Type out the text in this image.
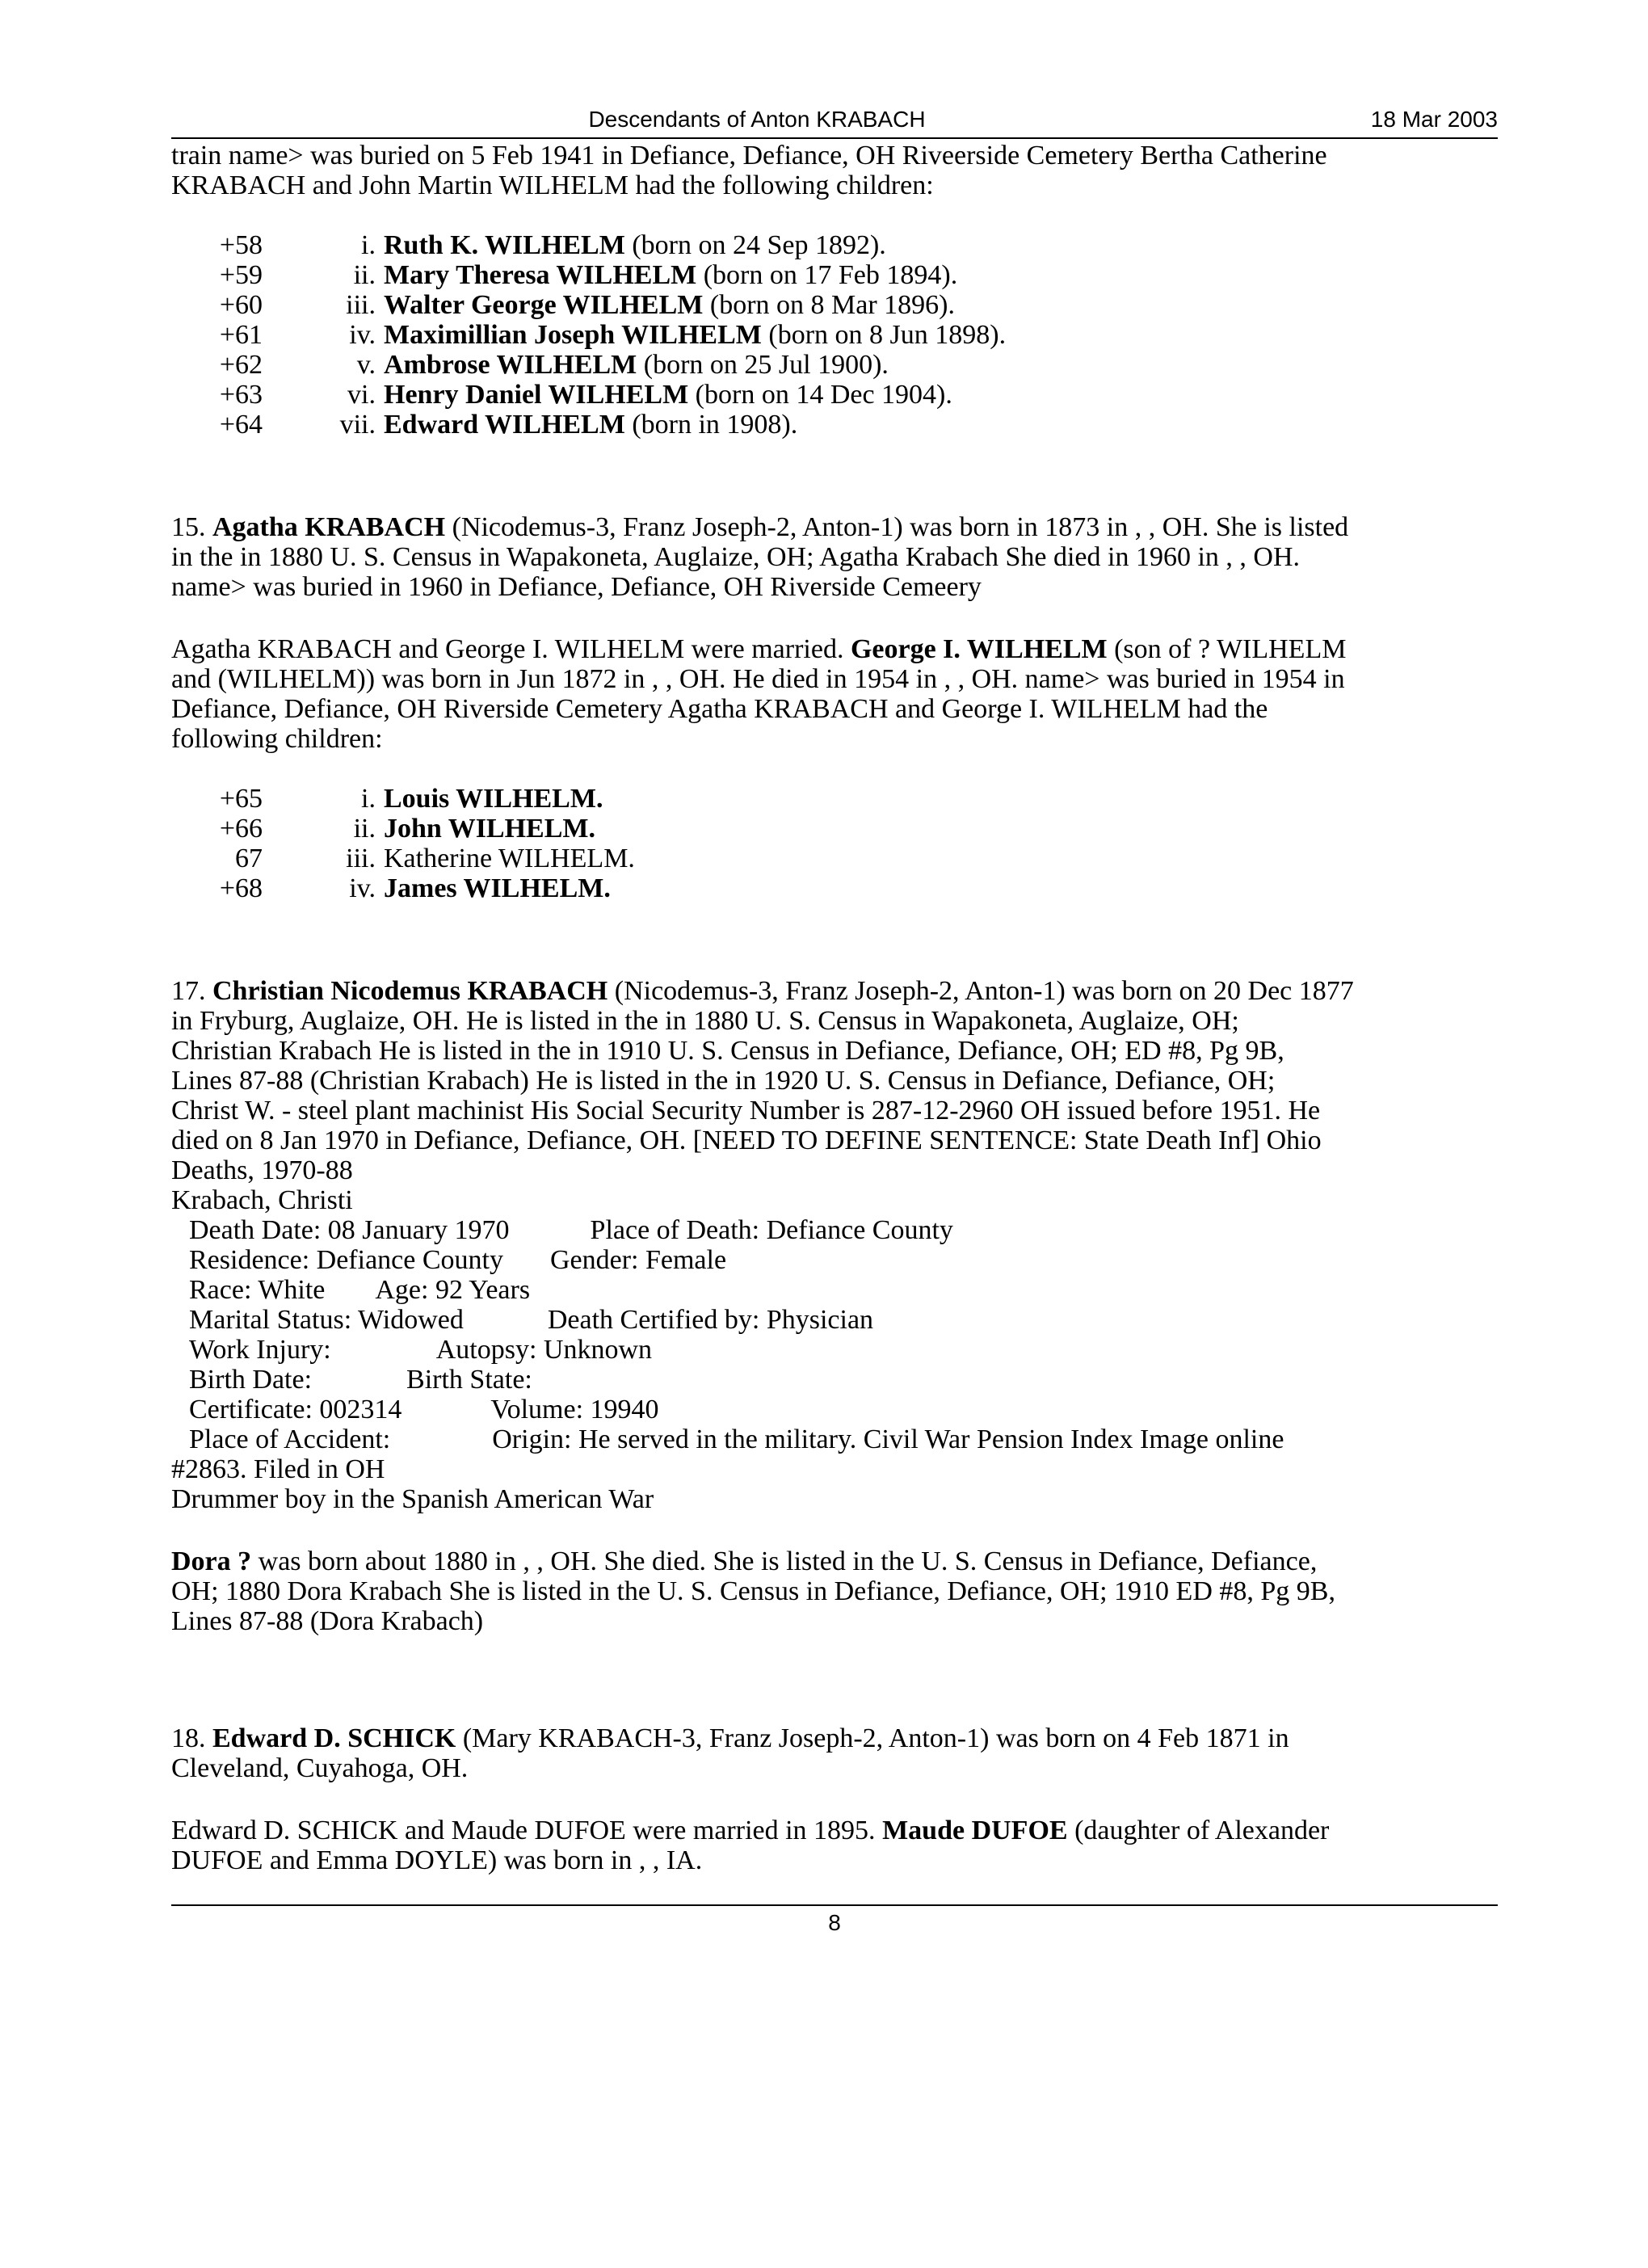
Descendants of Anton KRABACH	18 Mar 2003

train name> was buried on 5 Feb 1941 in Defiance, Defiance, OH Riveerside Cemetery Bertha Catherine

KRABACH and John Martin WILHELM had the following children:

+58	i. Ruth K. WILHELM (born on 24 Sep 1892).
+59	ii. Mary Theresa WILHELM (born on 17 Feb 1894).
+60	iii. Walter George WILHELM (born on 8 Mar 1896).
+61	iv. Maximillian Joseph WILHELM (born on 8 Jun 1898).
+62	v. Ambrose WILHELM (born on 25 Jul 1900).
+63	vi. Henry Daniel WILHELM (born on 14 Dec 1904).
+64	vii. Edward WILHELM (born in 1908).

15. Agatha KRABACH (Nicodemus-3, Franz Joseph-2, Anton-1) was born in 1873 in , , OH. She is listed

in the in 1880 U. S. Census in Wapakoneta, Auglaize, OH; Agatha Krabach She died in 1960 in , , OH.

name> was buried in 1960 in Defiance, Defiance, OH Riverside Cemeery

Agatha KRABACH and George I. WILHELM were married. George I. WILHELM (son of ? WILHELM

and (WILHELM)) was born in Jun 1872 in , , OH. He died in 1954 in , , OH. name> was buried in 1954 in

Defiance, Defiance, OH Riverside Cemetery Agatha KRABACH and George I. WILHELM had the

following children:

+65	i. Louis WILHELM.
+66	ii. John WILHELM.
67	iii. Katherine WILHELM.
+68	iv. James WILHELM.

17. Christian Nicodemus KRABACH (Nicodemus-3, Franz Joseph-2, Anton-1) was born on 20 Dec 1877

in Fryburg, Auglaize, OH. He is listed in the in 1880 U. S. Census in Wapakoneta, Auglaize, OH;

Christian Krabach He is listed in the in 1910 U. S. Census in Defiance, Defiance, OH; ED #8, Pg 9B,

Lines 87-88 (Christian Krabach) He is listed in the in 1920 U. S. Census in Defiance, Defiance, OH;

Christ W. - steel plant machinist His Social Security Number is 287-12-2960 OH issued before 1951. He

died on 8 Jan 1970 in Defiance, Defiance, OH. [NEED TO DEFINE SENTENCE: State Death Inf] Ohio

Deaths, 1970-88

Krabach, Christi

Death Date: 08 January 1970	Place of Death: Defiance County
Residence: Defiance County Gender: Female
Race: White Age: 92 Years
Marital Status: Widowed	Death Certified by: Physician
Work Injury:	Autopsy: Unknown
Birth Date:	Birth State:
Certificate: 002314	Volume: 19940
Place of Accident:	Origin: He served in the military. Civil War Pension Index Image online

#2863. Filed in OH

Drummer boy in the Spanish American War

Dora ? was born about 1880 in , , OH. She died. She is listed in the U. S. Census in Defiance, Defiance,

OH; 1880 Dora Krabach She is listed in the U. S. Census in Defiance, Defiance, OH; 1910 ED #8, Pg 9B,

Lines 87-88 (Dora Krabach)

18. Edward D. SCHICK (Mary KRABACH-3, Franz Joseph-2, Anton-1) was born on 4 Feb 1871 in

Cleveland, Cuyahoga, OH.

Edward D. SCHICK and Maude DUFOE were married in 1895. Maude DUFOE (daughter of Alexander

DUFOE and Emma DOYLE) was born in , , IA.

8
